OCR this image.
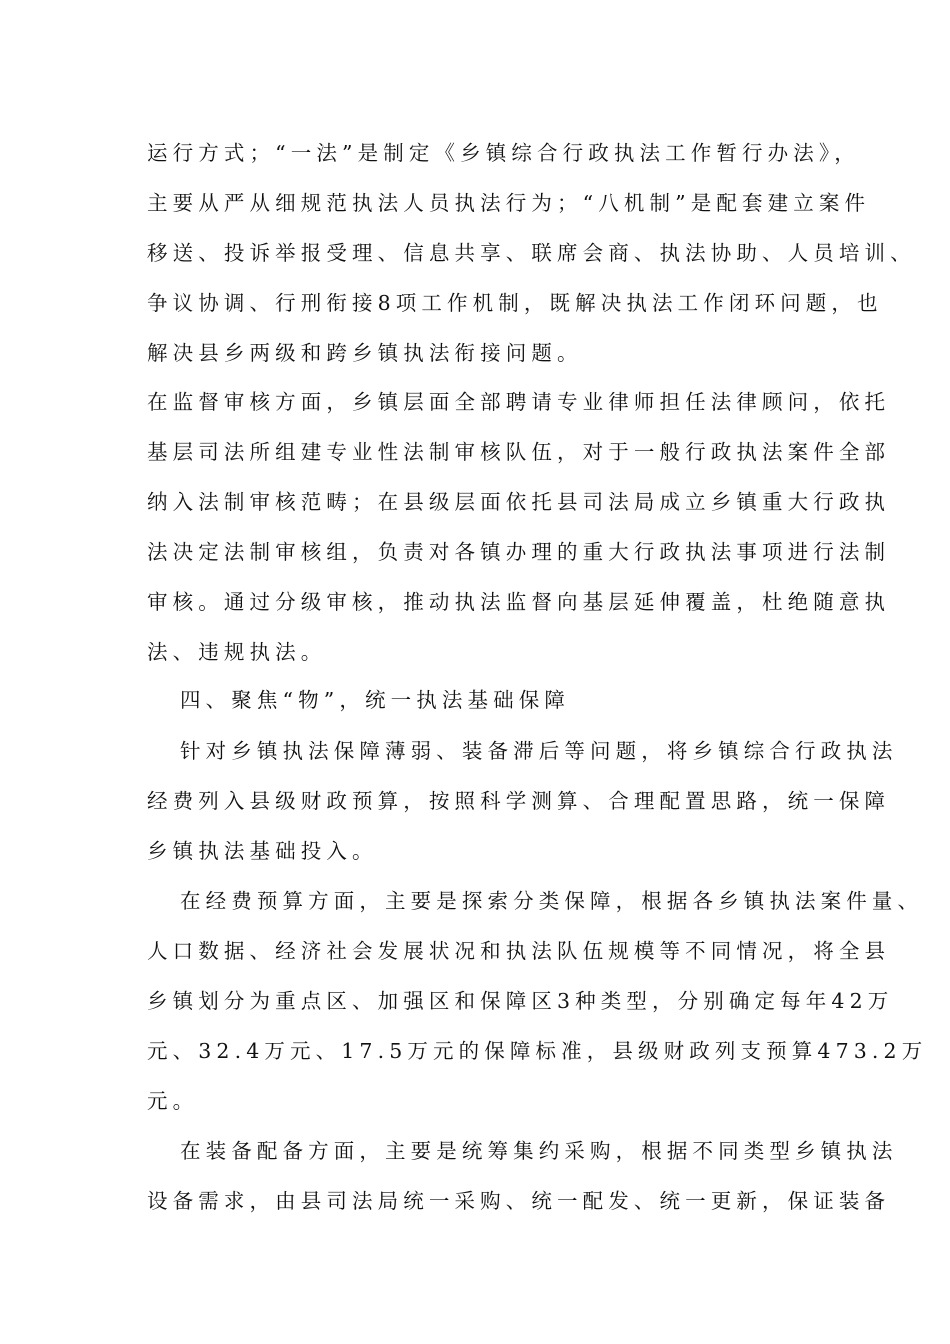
运行方式；“一法”是制定《乡镇综合行政执法工作暂行办法》，
主要从严从细规范执法人员执法行为；“八机制”是配套建立案件
移送、投诉举报受理、信息共享、联席会商、执法协助、人员培训、
争议协调、行刑衔接8项工作机制，既解决执法工作闭环问题，也
解决县乡两级和跨乡镇执法衔接问题。
在监督审核方面，乡镇层面全部聘请专业律师担任法律顾问，依托
基层司法所组建专业性法制审核队伍，对于一般行政执法案件全部
纳入法制审核范畴；在县级层面依托县司法局成立乡镇重大行政执
法决定法制审核组，负责对各镇办理的重大行政执法事项进行法制
审核。通过分级审核，推动执法监督向基层延伸覆盖，杜绝随意执
法、违规执法。
四、聚焦“物”，统一执法基础保障
针对乡镇执法保障薄弱、装备滞后等问题，将乡镇综合行政执法
经费列入县级财政预算，按照科学测算、合理配置思路，统一保障
乡镇执法基础投入。
在经费预算方面，主要是探索分类保障，根据各乡镇执法案件量、
人口数据、经济社会发展状况和执法队伍规模等不同情况，将全县
乡镇划分为重点区、加强区和保障区3种类型，分别确定每年42万
元、32.4万元、17.5万元的保障标准，县级财政列支预算473.2万
元。
在装备配备方面，主要是统筹集约采购，根据不同类型乡镇执法
设备需求，由县司法局统一采购、统一配发、统一更新，保证装备
